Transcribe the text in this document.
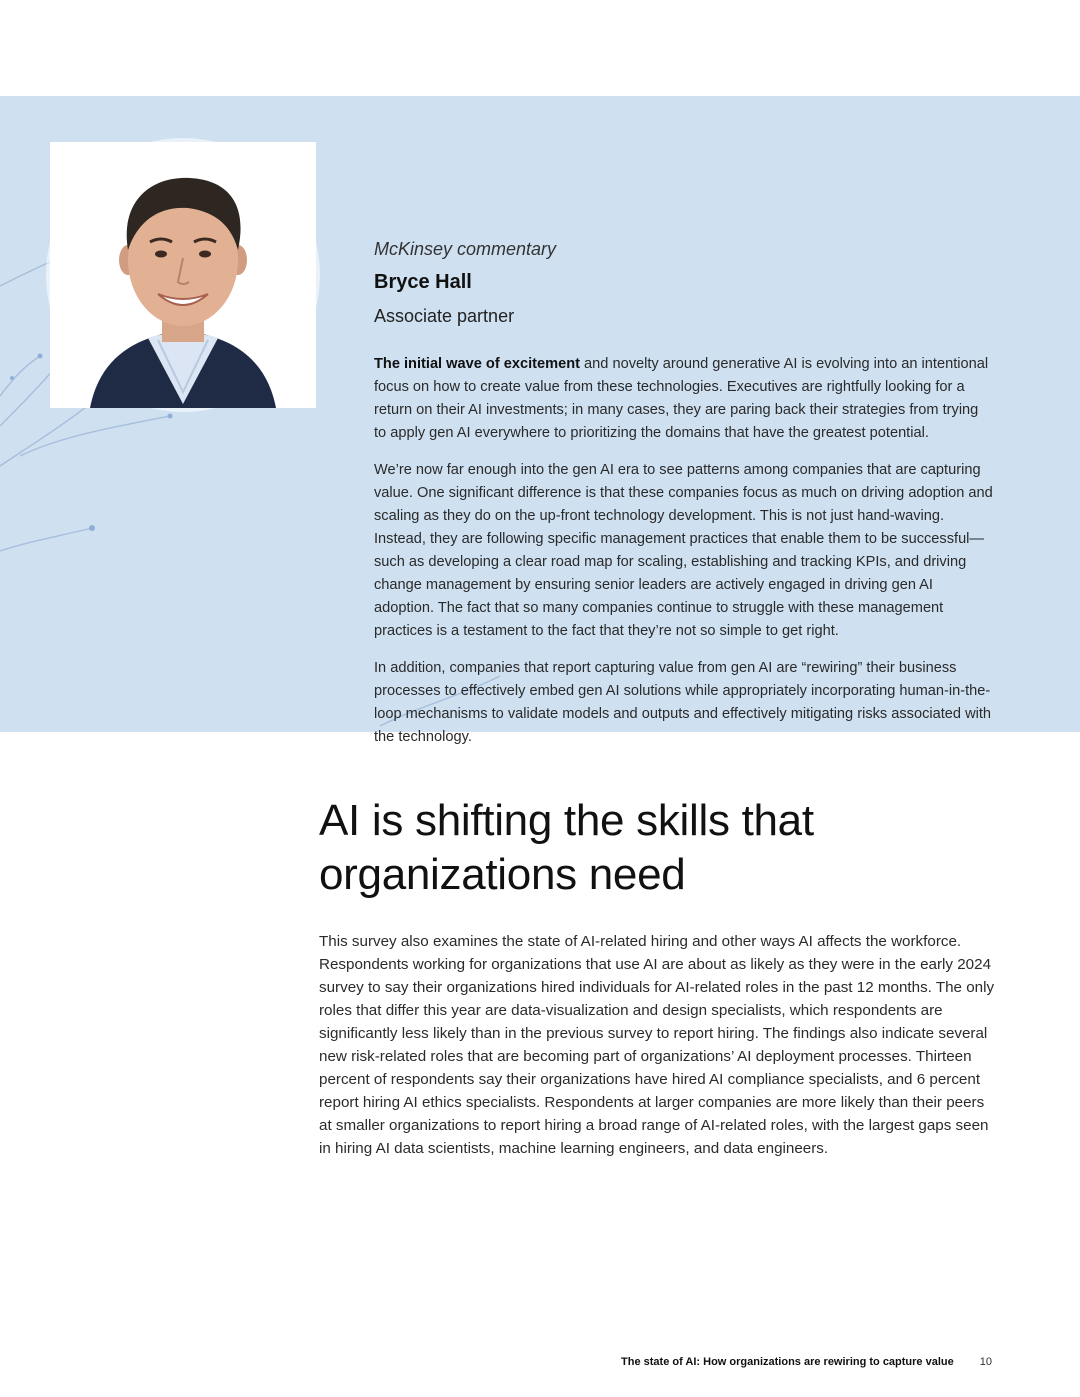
McKinsey commentary

Bryce Hall

Associate partner

The initial wave of excitement and novelty around generative AI is evolving into an intentional focus on how to create value from these technologies. Executives are rightfully looking for a return on their AI investments; in many cases, they are paring back their strategies from trying to apply gen AI everywhere to prioritizing the domains that have the greatest potential.

We’re now far enough into the gen AI era to see patterns among companies that are capturing value. One significant difference is that these companies focus as much on driving adoption and scaling as they do on the up-front technology development. This is not just hand-waving. Instead, they are following specific management practices that enable them to be successful—such as developing a clear road map for scaling, establishing and tracking KPIs, and driving change management by ensuring senior leaders are actively engaged in driving gen AI adoption. The fact that so many companies continue to struggle with these management practices is a testament to the fact that they’re not so simple to get right.

In addition, companies that report capturing value from gen AI are “rewiring” their business processes to effectively embed gen AI solutions while appropriately incorporating human-in-the-loop mechanisms to validate models and outputs and effectively mitigating risks associated with the technology.

AI is shifting the skills that
organizations need

This survey also examines the state of AI-related hiring and other ways AI affects the workforce. Respondents working for organizations that use AI are about as likely as they were in the early 2024 survey to say their organizations hired individuals for AI-related roles in the past 12 months. The only roles that differ this year are data-visualization and design specialists, which respondents are significantly less likely than in the previous survey to report hiring. The findings also indicate several new risk-related roles that are becoming part of organizations’ AI deployment processes. Thirteen percent of respondents say their organizations have hired AI compliance specialists, and 6 percent report hiring AI ethics specialists. Respondents at larger companies are more likely than their peers at smaller organizations to report hiring a broad range of AI-related roles, with the largest gaps seen in hiring AI data scientists, machine learning engineers, and data engineers.

The state of AI: How organizations are rewiring to capture value 10
